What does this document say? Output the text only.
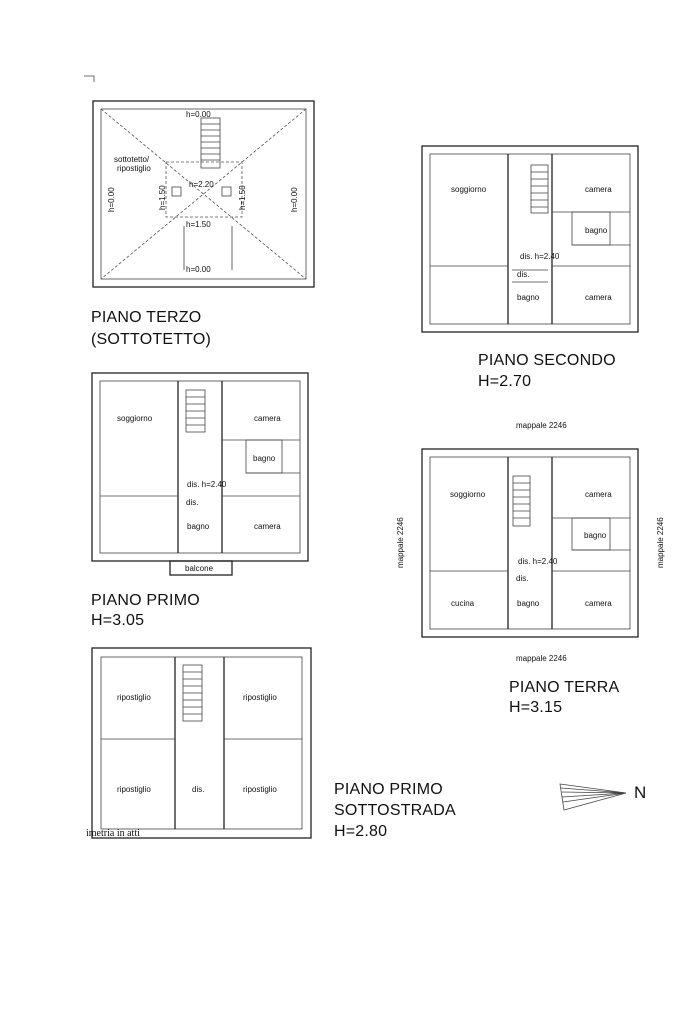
h=0.00
h=2.20
h=1.50
h=0.00
sottotetto/
ripostiglio
h=1.50	h=1.50
h=0.00	h=0.00
PIANO TERZO
(SOTTOTETTO)
soggiorno	camera
bagno
dis. h=2.40
dis.
bagno	camera
PIANO SECONDO
H=2.70
soggiorno	camera
bagno
dis. h=2.40
dis.
bagno	camera
balcone
PIANO PRIMO
H=3.05
mappale 2246
mappale 2246
mappale 2246	mappale 2246
soggiorno	camera
bagno
dis. h=2.40
dis.
cucina	bagno	camera
PIANO TERRA
H=3.15
ripostiglio	ripostiglio
ripostiglio	ripostiglio
dis.
imetria in atti
PIANO PRIMO
SOTTOSTRADA
H=2.80
N
